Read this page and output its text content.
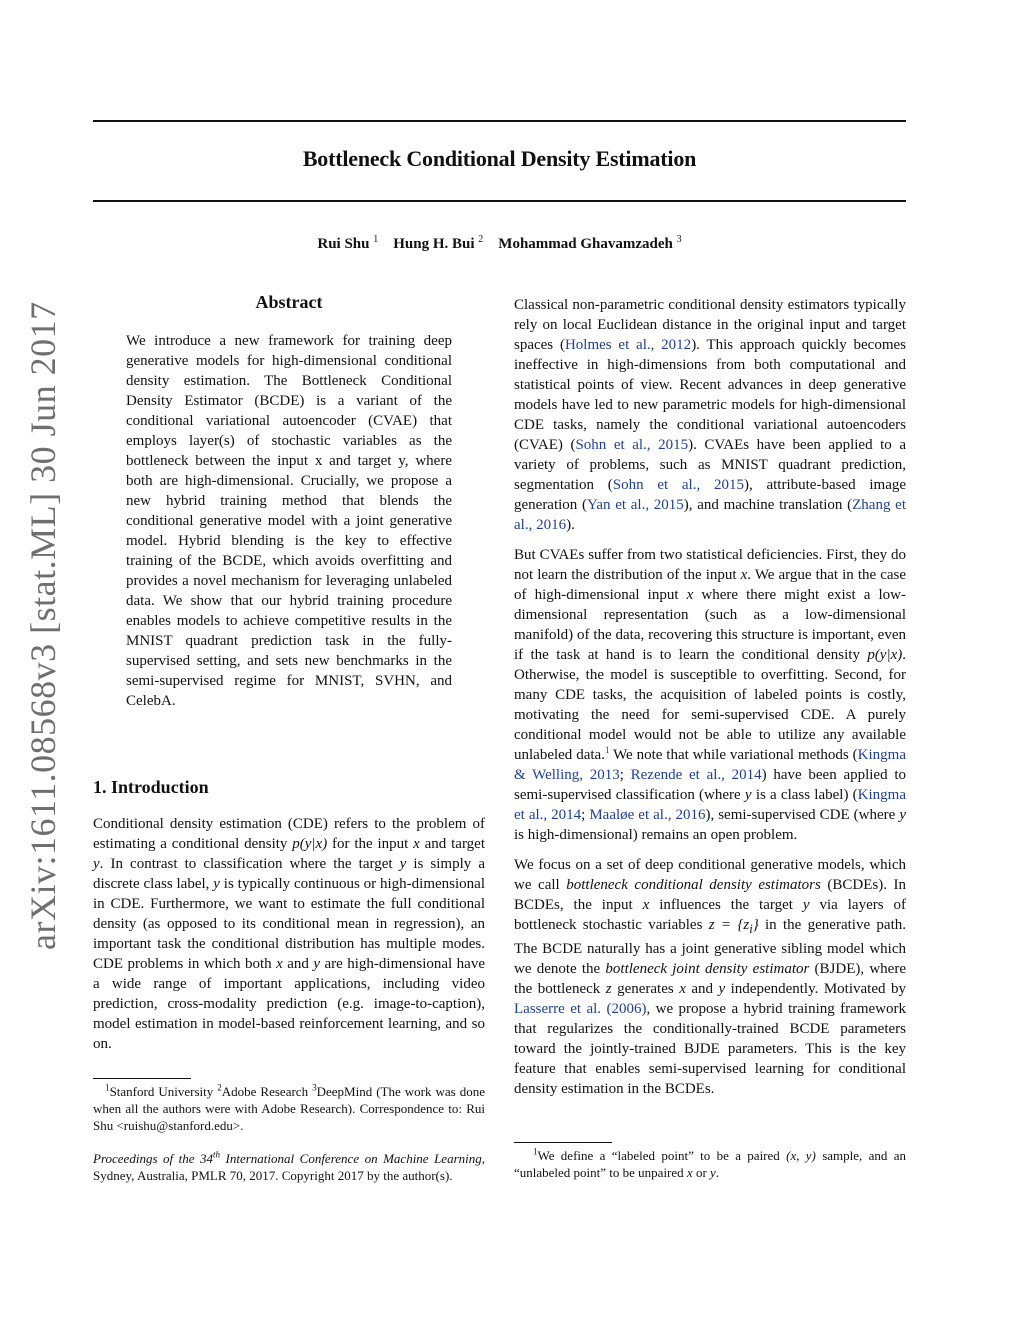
arXiv:1611.08568v3 [stat.ML] 30 Jun 2017
Bottleneck Conditional Density Estimation
Rui Shu $^1$ Hung H. Bui $^2$ Mohammad Ghavamzadeh $^3$
Abstract

We introduce a new framework for training deep generative models for high-dimensional conditional density estimation. The Bottleneck Conditional Density Estimator (BCDE) is a variant of the conditional variational autoencoder (CVAE) that employs layer(s) of stochastic variables as the bottleneck between the input x and target y, where both are high-dimensional. Crucially, we propose a new hybrid training method that blends the conditional generative model with a joint generative model. Hybrid blending is the key to effective training of the BCDE, which avoids overfitting and provides a novel mechanism for leveraging unlabeled data. We show that our hybrid training procedure enables models to achieve competitive results in the MNIST quadrant prediction task in the fully-supervised setting, and sets new benchmarks in the semi-supervised regime for MNIST, SVHN, and CelebA.

1. Introduction

Conditional density estimation (CDE) refers to the problem of estimating a conditional density p(y|x) for the input x and target y. In contrast to classification where the target y is simply a discrete class label, y is typically continuous or high-dimensional in CDE. Furthermore, we want to estimate the full conditional density (as opposed to its conditional mean in regression), an important task the conditional distribution has multiple modes. CDE problems in which both x and y are high-dimensional have a wide range of important applications, including video prediction, cross-modality prediction (e.g. image-to-caption), model estimation in model-based reinforcement learning, and so on.

$^1$Stanford University $^2$Adobe Research $^3$DeepMind (The work was done when all the authors were with Adobe Research). Correspondence to: Rui Shu <ruishu@stanford.edu>.
Proceedings of the 34th International Conference on Machine Learning, Sydney, Australia, PMLR 70, 2017. Copyright 2017 by the author(s).

Classical non-parametric conditional density estimators typically rely on local Euclidean distance in the original input and target spaces (Holmes et al., 2012). This approach quickly becomes ineffective in high-dimensions from both computational and statistical points of view. Recent advances in deep generative models have led to new parametric models for high-dimensional CDE tasks, namely the conditional variational autoencoders (CVAE) (Sohn et al., 2015). CVAEs have been applied to a variety of problems, such as MNIST quadrant prediction, segmentation (Sohn et al., 2015), attribute-based image generation (Yan et al., 2015), and machine translation (Zhang et al., 2016).

But CVAEs suffer from two statistical deficiencies. First, they do not learn the distribution of the input x. We argue that in the case of high-dimensional input x where there might exist a low-dimensional representation (such as a low-dimensional manifold) of the data, recovering this structure is important, even if the task at hand is to learn the conditional density p(y|x). Otherwise, the model is susceptible to overfitting. Second, for many CDE tasks, the acquisition of labeled points is costly, motivating the need for semi-supervised CDE. A purely conditional model would not be able to utilize any available unlabeled data.$^1$ We note that while variational methods (Kingma & Welling, 2013; Rezende et al., 2014) have been applied to semi-supervised classification (where y is a class label) (Kingma et al., 2014; Maaløe et al., 2016), semi-supervised CDE (where y is high-dimensional) remains an open problem.

We focus on a set of deep conditional generative models, which we call bottleneck conditional density estimators (BCDEs). In BCDEs, the input x influences the target y via layers of bottleneck stochastic variables $z = \{z_i\}$ in the generative path. The BCDE naturally has a joint generative sibling model which we denote the bottleneck joint density estimator (BJDE), where the bottleneck z generates x and y independently. Motivated by Lasserre et al. (2006), we propose a hybrid training framework that regularizes the conditionally-trained BCDE parameters toward the jointly-trained BJDE parameters. This is the key feature that enables semi-supervised learning for conditional density estimation in the BCDEs.

$^1$We define a “labeled point” to be a paired (x, y) sample, and an “unlabeled point” to be unpaired x or y.
